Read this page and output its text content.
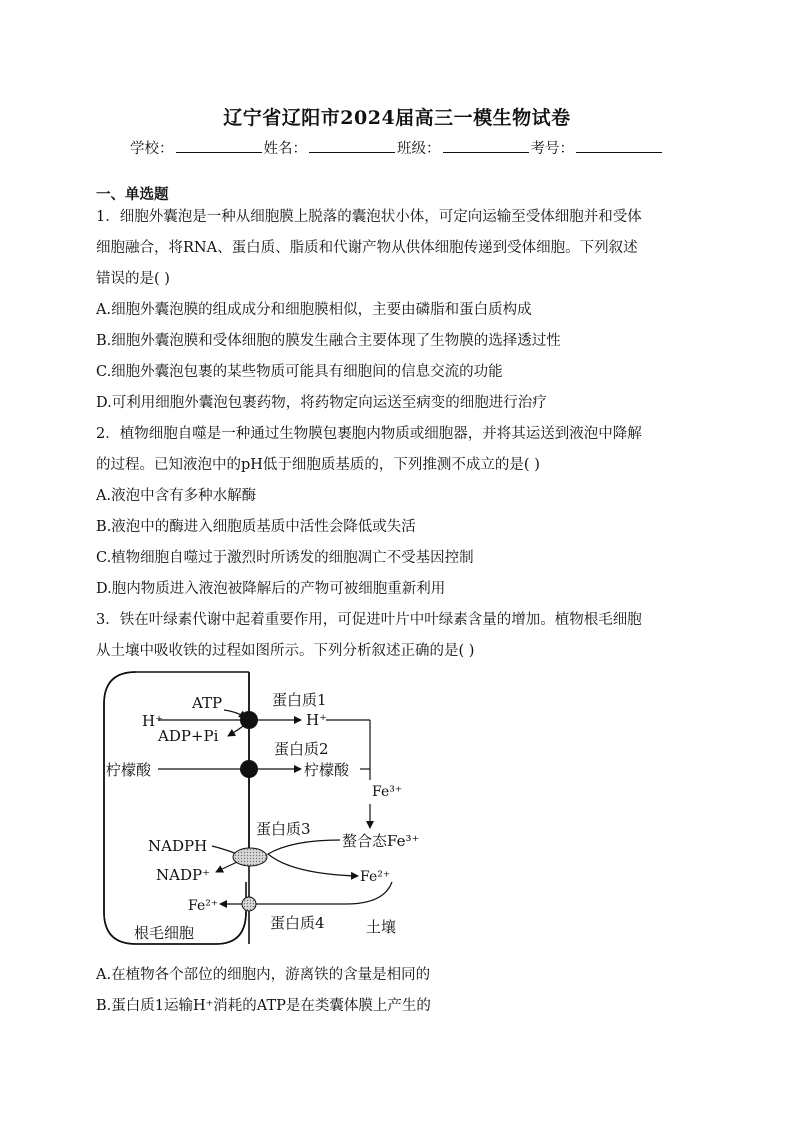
辽宁省辽阳市2024届高三一模生物试卷
学校：	姓名：	班级：	考号：
一、单选题
1．细胞外囊泡是一种从细胞膜上脱落的囊泡状小体，可定向运输至受体细胞并和受体
细胞融合，将RNA、蛋白质、脂质和代谢产物从供体细胞传递到受体细胞。下列叙述
错误的是( )
A.细胞外囊泡膜的组成成分和细胞膜相似，主要由磷脂和蛋白质构成
B.细胞外囊泡膜和受体细胞的膜发生融合主要体现了生物膜的选择透过性
C.细胞外囊泡包裹的某些物质可能具有细胞间的信息交流的功能
D.可利用细胞外囊泡包裹药物，将药物定向运送至病变的细胞进行治疗
2．植物细胞自噬是一种通过生物膜包裹胞内物质或细胞器，并将其运送到液泡中降解
的过程。已知液泡中的pH低于细胞质基质的，下列推测不成立的是( )
A.液泡中含有多种水解酶
B.液泡中的酶进入细胞质基质中活性会降低或失活
C.植物细胞自噬过于激烈时所诱发的细胞凋亡不受基因控制
D.胞内物质进入液泡被降解后的产物可被细胞重新利用
3．铁在叶绿素代谢中起着重要作用，可促进叶片中叶绿素含量的增加。植物根毛细胞
从土壤中吸收铁的过程如图所示。下列分析叙述正确的是( )
ATP
H⁺	H⁺
ADP+Pi
蛋白质1
蛋白质2
柠檬酸	柠檬酸
Fe³⁺
蛋白质3
螯合态Fe³⁺
NADPH
NADP⁺	Fe²⁺
Fe²⁺
蛋白质4	土壤
根毛细胞
A.在植物各个部位的细胞内，游离铁的含量是相同的
B.蛋白质1运输H⁺消耗的ATP是在类囊体膜上产生的
